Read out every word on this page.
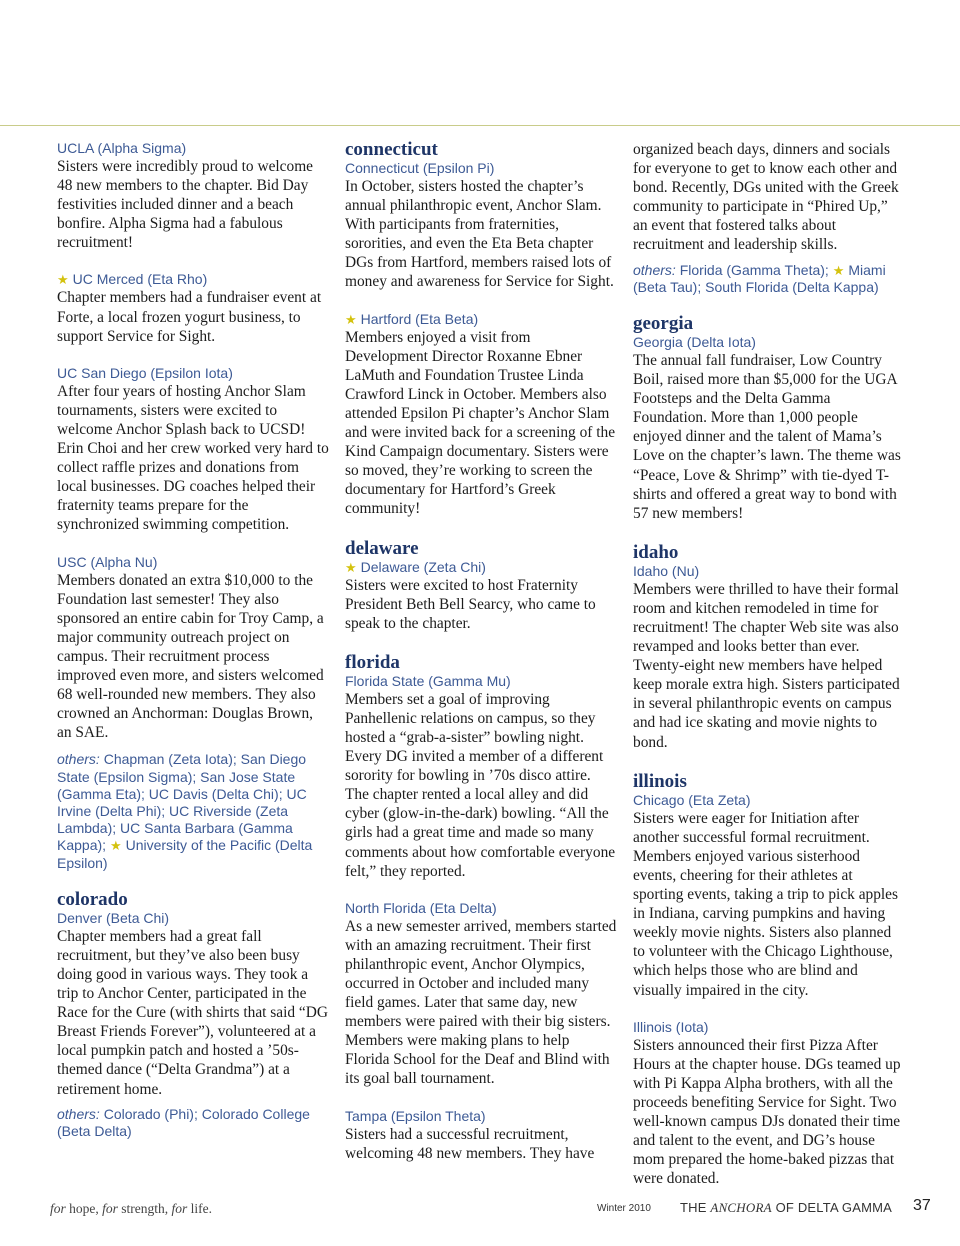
UCLA (Alpha Sigma)

Sisters were incredibly proud to welcome 48 new members to the chapter. Bid Day festivities included dinner and a beach bonfire. Alpha Sigma had a fabulous recruitment!

★ UC Merced (Eta Rho)

Chapter members had a fundraiser event at Forte, a local frozen yogurt business, to support Service for Sight.

UC San Diego (Epsilon Iota)

After four years of hosting Anchor Slam tournaments, sisters were excited to welcome Anchor Splash back to UCSD! Erin Choi and her crew worked very hard to collect raffle prizes and donations from local businesses. DG coaches helped their fraternity teams prepare for the synchronized swimming competition.

USC (Alpha Nu)

Members donated an extra $10,000 to the Foundation last semester! They also sponsored an entire cabin for Troy Camp, a major community outreach project on campus. Their recruitment process improved even more, and sisters welcomed 68 well-rounded new members. They also crowned an Anchorman: Douglas Brown, an SAE.

others: Chapman (Zeta Iota); San Diego State (Epsilon Sigma); San Jose State (Gamma Eta); UC Davis (Delta Chi); UC Irvine (Delta Phi); UC Riverside (Zeta Lambda); UC Santa Barbara (Gamma Kappa); ★ University of the Pacific (Delta Epsilon)

colorado

Denver (Beta Chi)

Chapter members had a great fall recruitment, but they’ve also been busy doing good in various ways. They took a trip to Anchor Center, participated in the Race for the Cure (with shirts that said “DG Breast Friends Forever”), volunteered at a local pumpkin patch and hosted a ’50s-themed dance (“Delta Grandma”) at a retirement home.

others: Colorado (Phi); Colorado College (Beta Delta)

connecticut

Connecticut (Epsilon Pi)

In October, sisters hosted the chapter’s annual philanthropic event, Anchor Slam. With participants from fraternities, sororities, and even the Eta Beta chapter DGs from Hartford, members raised lots of money and awareness for Service for Sight.

★ Hartford (Eta Beta)

Members enjoyed a visit from Development Director Roxanne Ebner LaMuth and Foundation Trustee Linda Crawford Linck in October. Members also attended Epsilon Pi chapter’s Anchor Slam and were invited back for a screening of the Kind Campaign documentary. Sisters were so moved, they’re working to screen the documentary for Hartford’s Greek community!

delaware

★ Delaware (Zeta Chi)

Sisters were excited to host Fraternity President Beth Bell Searcy, who came to speak to the chapter.

florida

Florida State (Gamma Mu)

Members set a goal of improving Panhellenic relations on campus, so they hosted a “grab-a-sister” bowling night. Every DG invited a member of a different sorority for bowling in ’70s disco attire. The chapter rented a local alley and did cyber (glow-in-the-dark) bowling. “All the girls had a great time and made so many comments about how comfortable everyone felt,” they reported.

North Florida (Eta Delta)

As a new semester arrived, members started with an amazing recruitment. Their first philanthropic event, Anchor Olympics, occurred in October and included many field games. Later that same day, new members were paired with their big sisters. Members were making plans to help Florida School for the Deaf and Blind with its goal ball tournament.

Tampa (Epsilon Theta)

Sisters had a successful recruitment, welcoming 48 new members. They have

organized beach days, dinners and socials for everyone to get to know each other and bond. Recently, DGs united with the Greek community to participate in “Phired Up,” an event that fostered talks about recruitment and leadership skills.

others: Florida (Gamma Theta); ★ Miami (Beta Tau); South Florida (Delta Kappa)

georgia

Georgia (Delta Iota)

The annual fall fundraiser, Low Country Boil, raised more than $5,000 for the UGA Footsteps and the Delta Gamma Foundation. More than 1,000 people enjoyed dinner and the talent of Mama’s Love on the chapter’s lawn. The theme was “Peace, Love & Shrimp” with tie-dyed T-shirts and offered a great way to bond with 57 new members!

idaho

Idaho (Nu)

Members were thrilled to have their formal room and kitchen remodeled in time for recruitment! The chapter Web site was also revamped and looks better than ever. Twenty-eight new members have helped keep morale extra high. Sisters participated in several philanthropic events on campus and had ice skating and movie nights to bond.

illinois

Chicago (Eta Zeta)

Sisters were eager for Initiation after another successful formal recruitment. Members enjoyed various sisterhood events, cheering for their athletes at sporting events, taking a trip to pick apples in Indiana, carving pumpkins and having weekly movie nights. Sisters also planned to volunteer with the Chicago Lighthouse, which helps those who are blind and visually impaired in the city.

Illinois (Iota)

Sisters announced their first Pizza After Hours at the chapter house. DGs teamed up with Pi Kappa Alpha brothers, with all the proceeds benefiting Service for Sight. Two well-known campus DJs donated their time and talent to the event, and DG’s house mom prepared the home-baked pizzas that were donated.

for hope, for strength, for life.	Winter 2010 THE ANCHORA OF DELTA GAMMA 37
